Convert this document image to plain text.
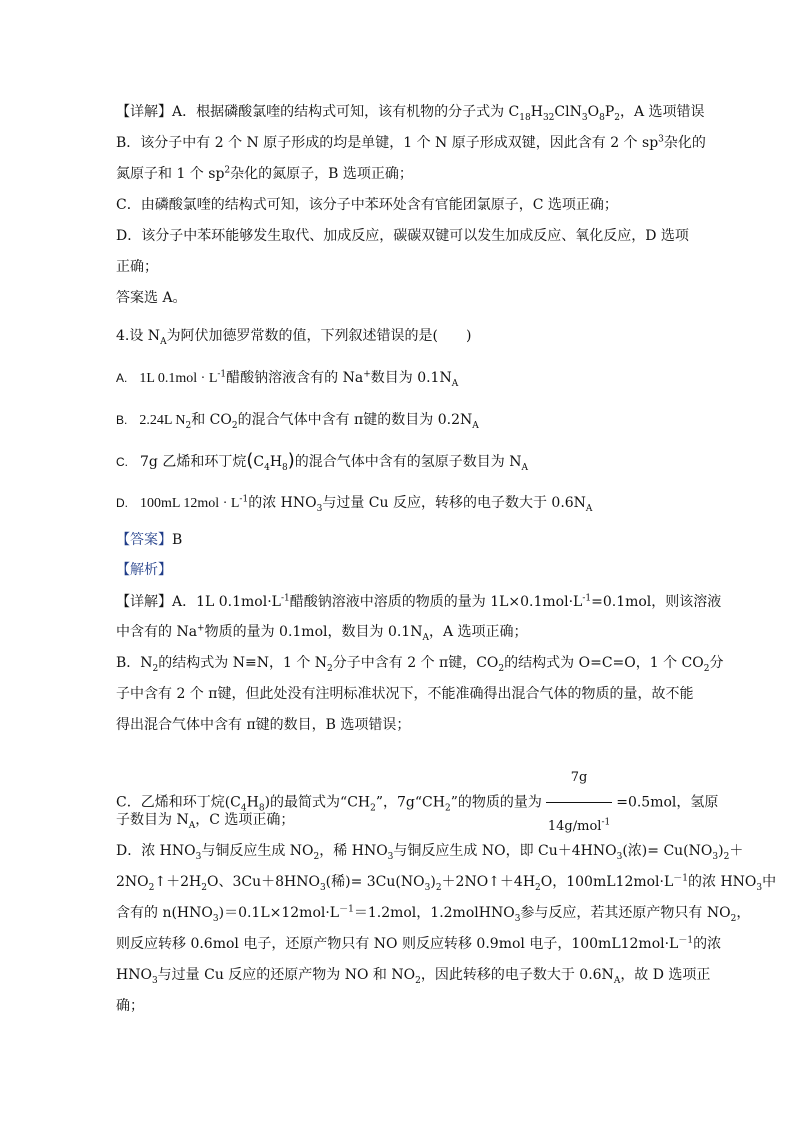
【详解】A．根据磷酸氯喹的结构式可知，该有机物的分子式为 $C_{18}H_{32}ClN_3O_8P_2$，A 选项错误
B．该分子中有 2 个 N 原子形成的均是单键，1 个 N 原子形成双键，因此含有 2 个 $sp^3$杂化的
氮原子和 1 个 $sp^2$杂化的氮原子，B 选项正确；
C．由磷酸氯喹的结构式可知，该分子中苯环处含有官能团氯原子，C 选项正确；
D．该分子中苯环能够发生取代、加成反应，碳碳双键可以发生加成反应、氧化反应，D 选项
正确；
答案选 A。
4.设 $N_A$为阿伏加德罗常数的值，下列叙述错误的是(　　)
A. 1L $0.1mol \cdot L^{-1}$醋酸钠溶液含有的 Na+数目为 $0.1N_A$
B. 2.24L $N_2$和 $CO_2$的混合气体中含有 π键的数目为 $0.2N_A$
C. 7g 乙烯和环丁烷$(C_4H_8)$的混合气体中含有的氢原子数目为 $N_A$
D. 100mL $12mol \cdot L^{-1}$的浓 $HNO_3$与过量 Cu 反应，转移的电子数大于 $0.6N_A$
【答案】B
【解析】
【详解】A．1L $0.1mol\cdot L^{-1}$醋酸钠溶液中溶质的物质的量为 $1L\times 0.1mol\cdot L^{-1}=0.1mol$，则该溶液
中含有的 Na+物质的量为 0.1mol，数目为 $0.1N_A$，A 选项正确；
B．$N_2$的结构式为 N≡N，1 个 $N_2$分子中含有 2 个 π键，$CO_2$的结构式为 O=C=O，1 个 $CO_2$分
子中含有 2 个 π键，但此处没有注明标准状况下，不能准确得出混合气体的物质的量，故不能
得出混合气体中含有 π键的数目，B 选项错误；
C．乙烯和环丁烷$(C_4H_8)$的最简式为“$CH_2$”，$7g“CH_2$”的物质的量为 $\frac{7g}{14g/mol^{-1}} =0.5mol$，氢原
子数目为 $N_A$，C 选项正确；
D．浓 $HNO_3$与铜反应生成 $NO_2$，稀 $HNO_3$与铜反应生成 NO，即 $Cu+4HNO_3$(浓)= $Cu(NO_3)_2+$
$2NO_2↑+2H_2O$、$3Cu+8HNO_3$(稀)= $3Cu(NO_3)_2+2NO↑+4H_2O$，$100mL12mol\cdot L^{-1}$的浓 $HNO_3$中
含有的 $n(HNO_3)=0.1L\times 12mol\cdot L^{-1}=1.2mol$，1.2molHNO$_3$参与反应，若其还原产物只有 $NO_2$，
则反应转移 0.6mol 电子，还原产物只有 NO 则反应转移 0.9mol 电子，$100mL12mol\cdot L^{-1}$的浓
$HNO_3$与过量 Cu 反应的还原产物为 NO 和 $NO_2$，因此转移的电子数大于 $0.6N_A$，故 D 选项正
确；
